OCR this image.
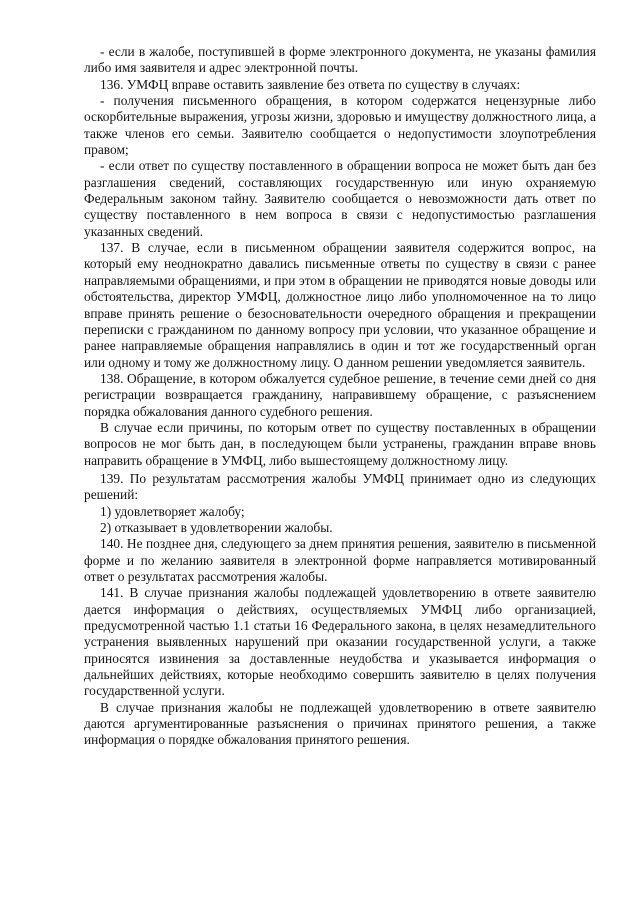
- если в жалобе, поступившей в форме электронного документа, не указаны фамилия либо имя заявителя и адрес электронной почты.

136. УМФЦ вправе оставить заявление без ответа по существу в случаях:

- получения письменного обращения, в котором содержатся нецензурные либо оскорбительные выражения, угрозы жизни, здоровью и имуществу должностного лица, а также членов его семьи. Заявителю сообщается о недопустимости злоупотребления правом;

- если ответ по существу поставленного в обращении вопроса не может быть дан без разглашения сведений, составляющих государственную или иную охраняемую Федеральным законом тайну. Заявителю сообщается о невозможности дать ответ по существу поставленного в нем вопроса в связи с недопустимостью разглашения указанных сведений.

137. В случае, если в письменном обращении заявителя содержится вопрос, на который ему неоднократно давались письменные ответы по существу в связи с ранее направляемыми обращениями, и при этом в обращении не приводятся новые доводы или обстоятельства, директор УМФЦ, должностное лицо либо уполномоченное на то лицо вправе принять решение о безосновательности очередного обращения и прекращении переписки с гражданином по данному вопросу при условии, что указанное обращение и ранее направляемые обращения направлялись в один и тот же государственный орган или одному и тому же должностному лицу. О данном решении уведомляется заявитель.

138. Обращение, в котором обжалуется судебное решение, в течение семи дней со дня регистрации возвращается гражданину, направившему обращение, с разъяснением порядка обжалования данного судебного решения.

В случае если причины, по которым ответ по существу поставленных в обращении вопросов не мог быть дан, в последующем были устранены, гражданин вправе вновь направить обращение в УМФЦ, либо вышестоящему должностному лицу.

139. По результатам рассмотрения жалобы УМФЦ принимает одно из следующих решений:

1) удовлетворяет жалобу;

2) отказывает в удовлетворении жалобы.

140. Не позднее дня, следующего за днем принятия решения, заявителю в письменной форме и по желанию заявителя в электронной форме направляется мотивированный ответ о результатах рассмотрения жалобы.

141. В случае признания жалобы подлежащей удовлетворению в ответе заявителю дается информация о действиях, осуществляемых УМФЦ либо организацией, предусмотренной частью 1.1 статьи 16 Федерального закона, в целях незамедлительного устранения выявленных нарушений при оказании государственной услуги, а также приносятся извинения за доставленные неудобства и указывается информация о дальнейших действиях, которые необходимо совершить заявителю в целях получения государственной услуги.

В случае признания жалобы не подлежащей удовлетворению в ответе заявителю даются аргументированные разъяснения о причинах принятого решения, а также информация о порядке обжалования принятого решения.
